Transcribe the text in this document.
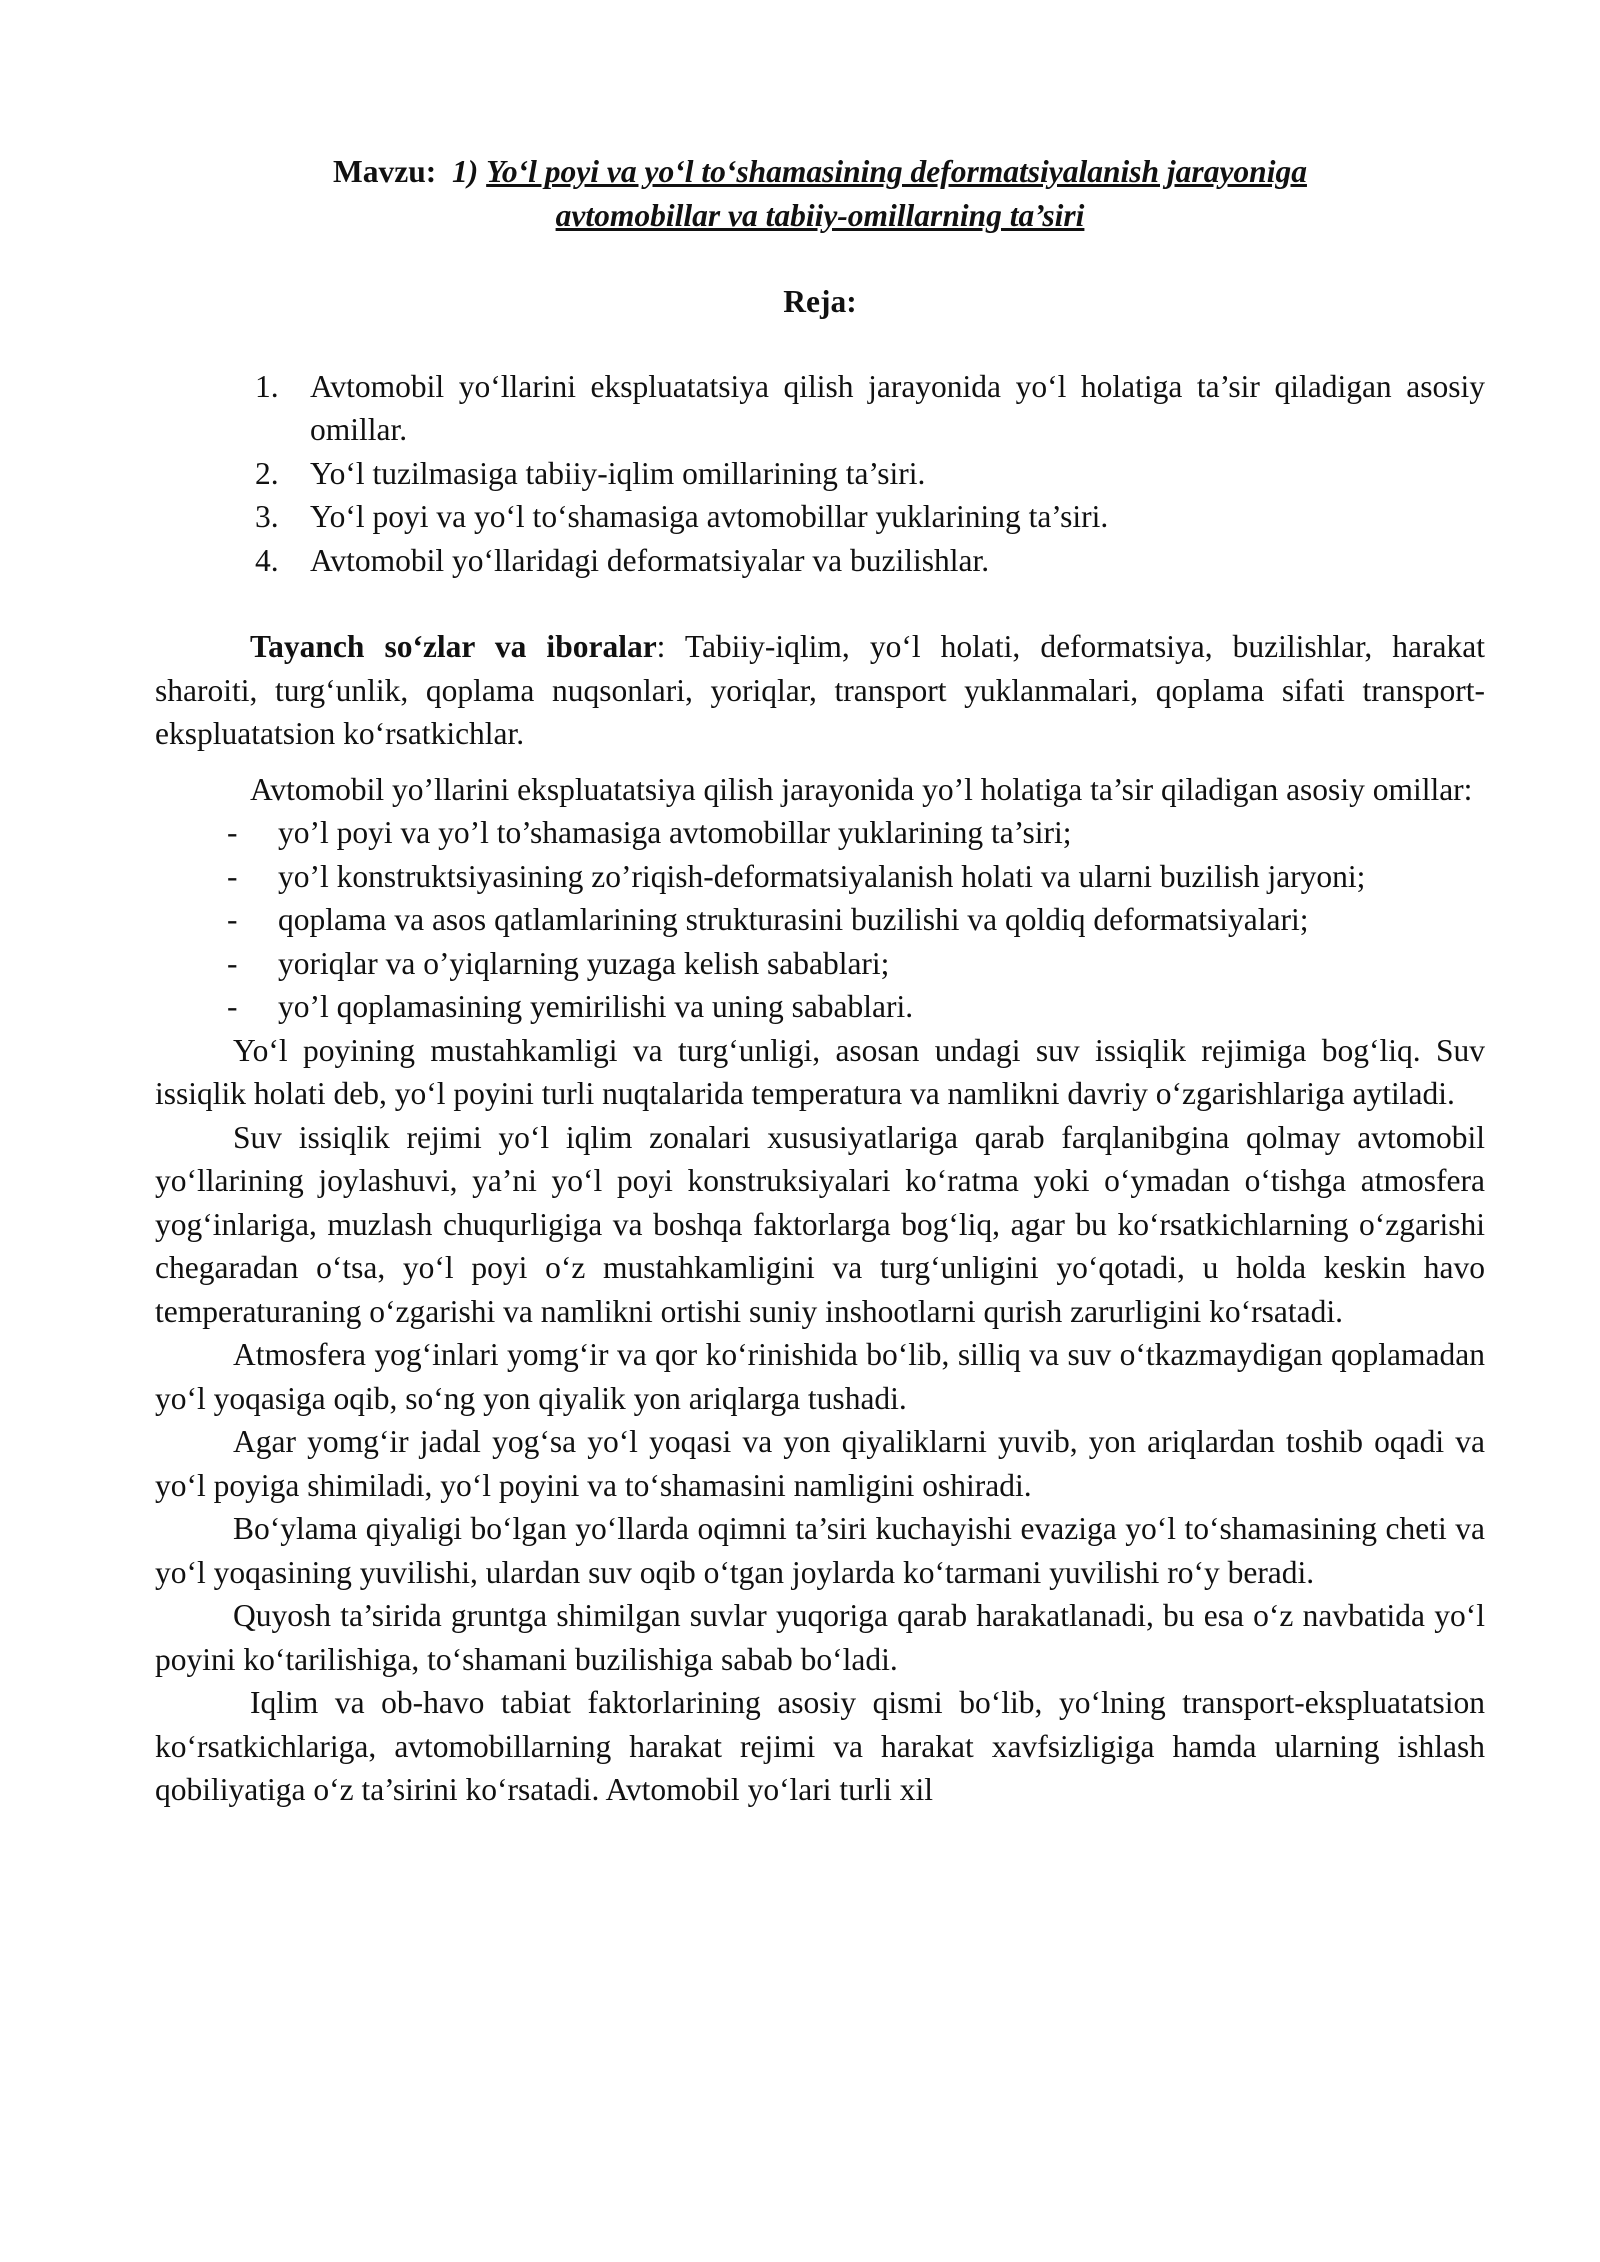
Mavzu: 1) Yo‘l poyi va yo‘l to‘shamasining deformatsiyalanish jarayoniga
avtomobillar va tabiiy-omillarning ta’siri
Reja:
1. Avtomobil yo‘llarini ekspluatatsiya qilish jarayonida yo‘l holatiga ta’sir qiladigan asosiy omillar.
2. Yo‘l tuzilmasiga tabiiy-iqlim omillarining ta’siri.
3. Yo‘l poyi va yo‘l to‘shamasiga avtomobillar yuklarining ta’siri.
4. Avtomobil yo‘llaridagi deformatsiyalar va buzilishlar.

Tayanch so‘zlar va iboralar: Tabiiy-iqlim, yo‘l holati, deformatsiya, buzilishlar, harakat sharoiti, turg‘unlik, qoplama nuqsonlari, yoriqlar, transport yuklanmalari, qoplama sifati transport-ekspluatatsion ko‘rsatkichlar.

Avtomobil yo’llarini ekspluatatsiya qilish jarayonida yo’l holatiga ta’sir qiladigan asosiy omillar:

- yo’l poyi va yo’l to’shamasiga avtomobillar yuklarining ta’siri;
- yo’l konstruktsiyasining zo’riqish-deformatsiyalanish holati va ularni buzilish jaryoni;
- qoplama va asos qatlamlarining strukturasini buzilishi va qoldiq deformatsiyalari;
- yoriqlar va o’yiqlarning yuzaga kelish sabablari;
- yo’l qoplamasining yemirilishi va uning sabablari.

Yo‘l poyining mustahkamligi va turg‘unligi, asosan undagi suv issiqlik rejimiga bog‘liq. Suv issiqlik holati deb, yo‘l poyini turli nuqtalarida temperatura va namlikni davriy o‘zgarishlariga aytiladi.

Suv issiqlik rejimi yo‘l iqlim zonalari xususiyatlariga qarab farqlanibgina qolmay avtomobil yo‘llarining joylashuvi, ya’ni yo‘l poyi konstruksiyalari ko‘ratma yoki o‘ymadan o‘tishga atmosfera yog‘inlariga, muzlash chuqurligiga va boshqa faktorlarga bog‘liq, agar bu ko‘rsatkichlarning o‘zgarishi chegaradan o‘tsa, yo‘l poyi o‘z mustahkamligini va turg‘unligini yo‘qotadi, u holda keskin havo temperaturaning o‘zgarishi va namlikni ortishi suniy inshootlarni qurish zarurligini ko‘rsatadi.

Atmosfera yog‘inlari yomg‘ir va qor ko‘rinishida bo‘lib, silliq va suv o‘tkazmaydigan qoplamadan yo‘l yoqasiga oqib, so‘ng yon qiyalik yon ariqlarga tushadi.

Agar yomg‘ir jadal yog‘sa yo‘l yoqasi va yon qiyaliklarni yuvib, yon ariqlardan toshib oqadi va yo‘l poyiga shimiladi, yo‘l poyini va to‘shamasini namligini oshiradi.

Bo‘ylama qiyaligi bo‘lgan yo‘llarda oqimni ta’siri kuchayishi evaziga yo‘l to‘shamasining cheti va yo‘l yoqasining yuvilishi, ulardan suv oqib o‘tgan joylarda ko‘tarmani yuvilishi ro‘y beradi.

Quyosh ta’sirida gruntga shimilgan suvlar yuqoriga qarab harakatlanadi, bu esa o‘z navbatida yo‘l poyini ko‘tarilishiga, to‘shamani buzilishiga sabab bo‘ladi.

Iqlim va ob-havo tabiat faktorlarining asosiy qismi bo‘lib, yo‘lning transport-ekspluatatsion ko‘rsatkichlariga, avtomobillarning harakat rejimi va harakat xavfsizligiga hamda ularning ishlash qobiliyatiga o‘z ta’sirini ko‘rsatadi. Avtomobil yo‘lari turli xil
